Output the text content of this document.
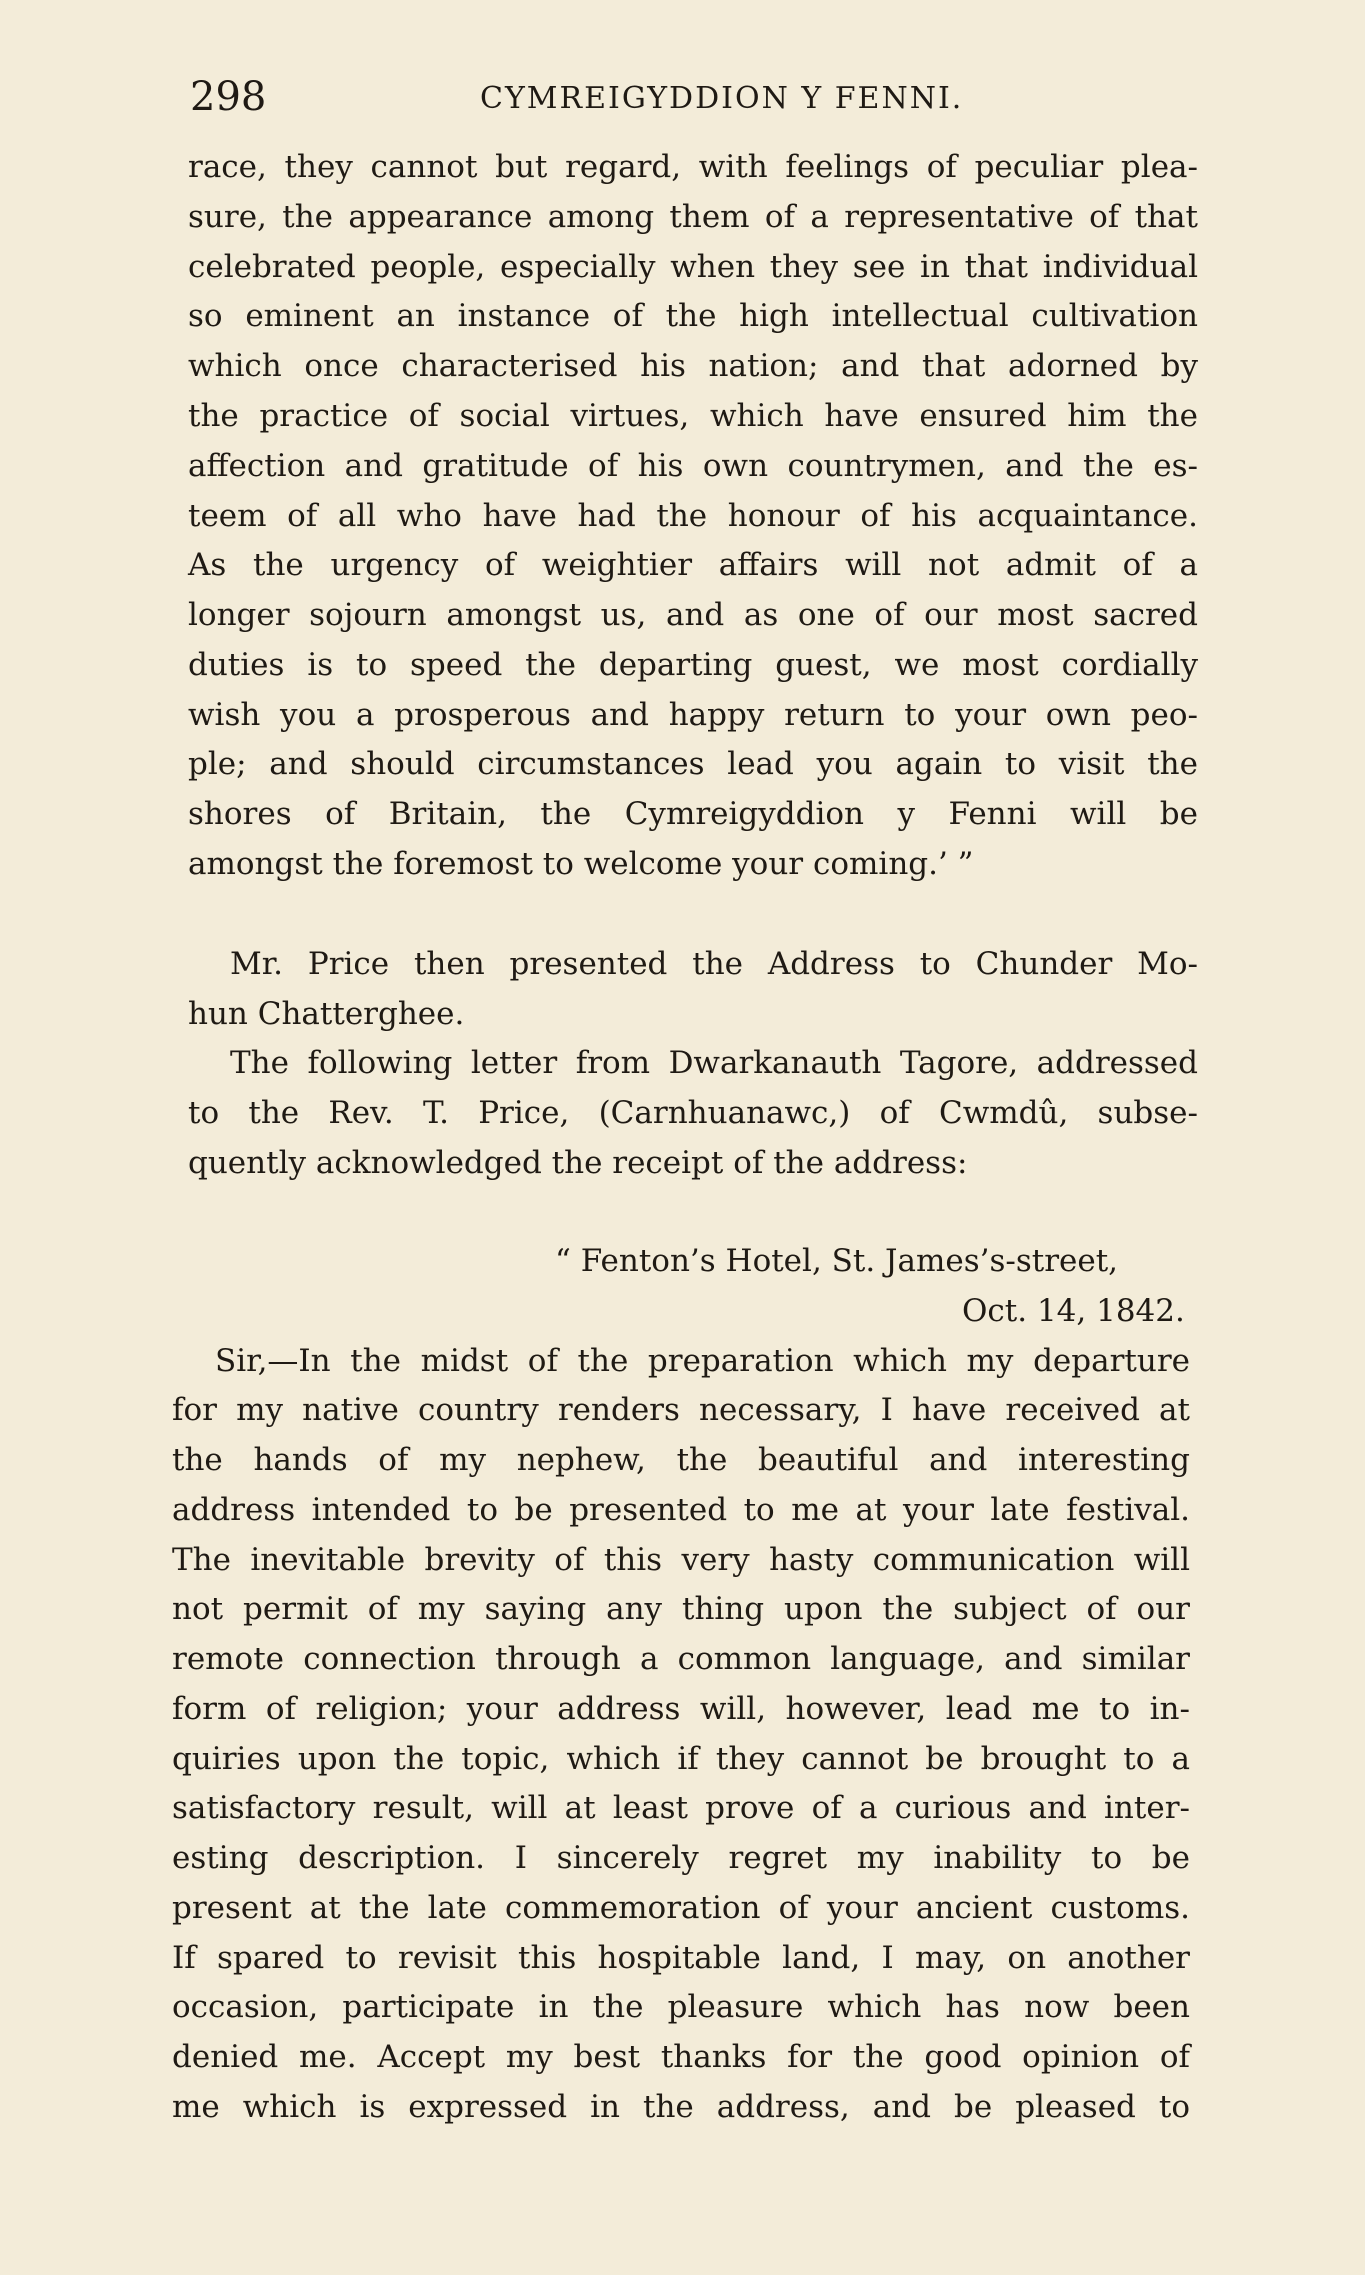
298	CYMREIGYDDION Y FENNI.

race, they cannot but regard, with feelings of peculiar plea-

sure, the appearance among them of a representative of that

celebrated people, especially when they see in that individual

so eminent an instance of the high intellectual cultivation

which once characterised his nation; and that adorned by

the practice of social virtues, which have ensured him the

affection and gratitude of his own countrymen, and the es-

teem of all who have had the honour of his acquaintance.

As the urgency of weightier affairs will not admit of a

longer sojourn amongst us, and as one of our most sacred

duties is to speed the departing guest, we most cordially

wish you a prosperous and happy return to your own peo-

ple; and should circumstances lead you again to visit the

shores of Britain, the Cymreigyddion y Fenni will be

amongst the foremost to welcome your coming.’ ”

Mr. Price then presented the Address to Chunder Mo-

hun Chatterghee.

The following letter from Dwarkanauth Tagore, addressed

to the Rev. T. Price, (Carnhuanawc,) of Cwmdû, subse-

quently acknowledged the receipt of the address:

“ Fenton’s Hotel, St. James’s-street,

Oct. 14, 1842.

Sir,—In the midst of the preparation which my departure

for my native country renders necessary, I have received at

the hands of my nephew, the beautiful and interesting

address intended to be presented to me at your late festival.

The inevitable brevity of this very hasty communication will

not permit of my saying any thing upon the subject of our

remote connection through a common language, and similar

form of religion; your address will, however, lead me to in-

quiries upon the topic, which if they cannot be brought to a

satisfactory result, will at least prove of a curious and inter-

esting description. I sincerely regret my inability to be

present at the late commemoration of your ancient customs.

If spared to revisit this hospitable land, I may, on another

occasion, participate in the pleasure which has now been

denied me. Accept my best thanks for the good opinion of

me which is expressed in the address, and be pleased to
